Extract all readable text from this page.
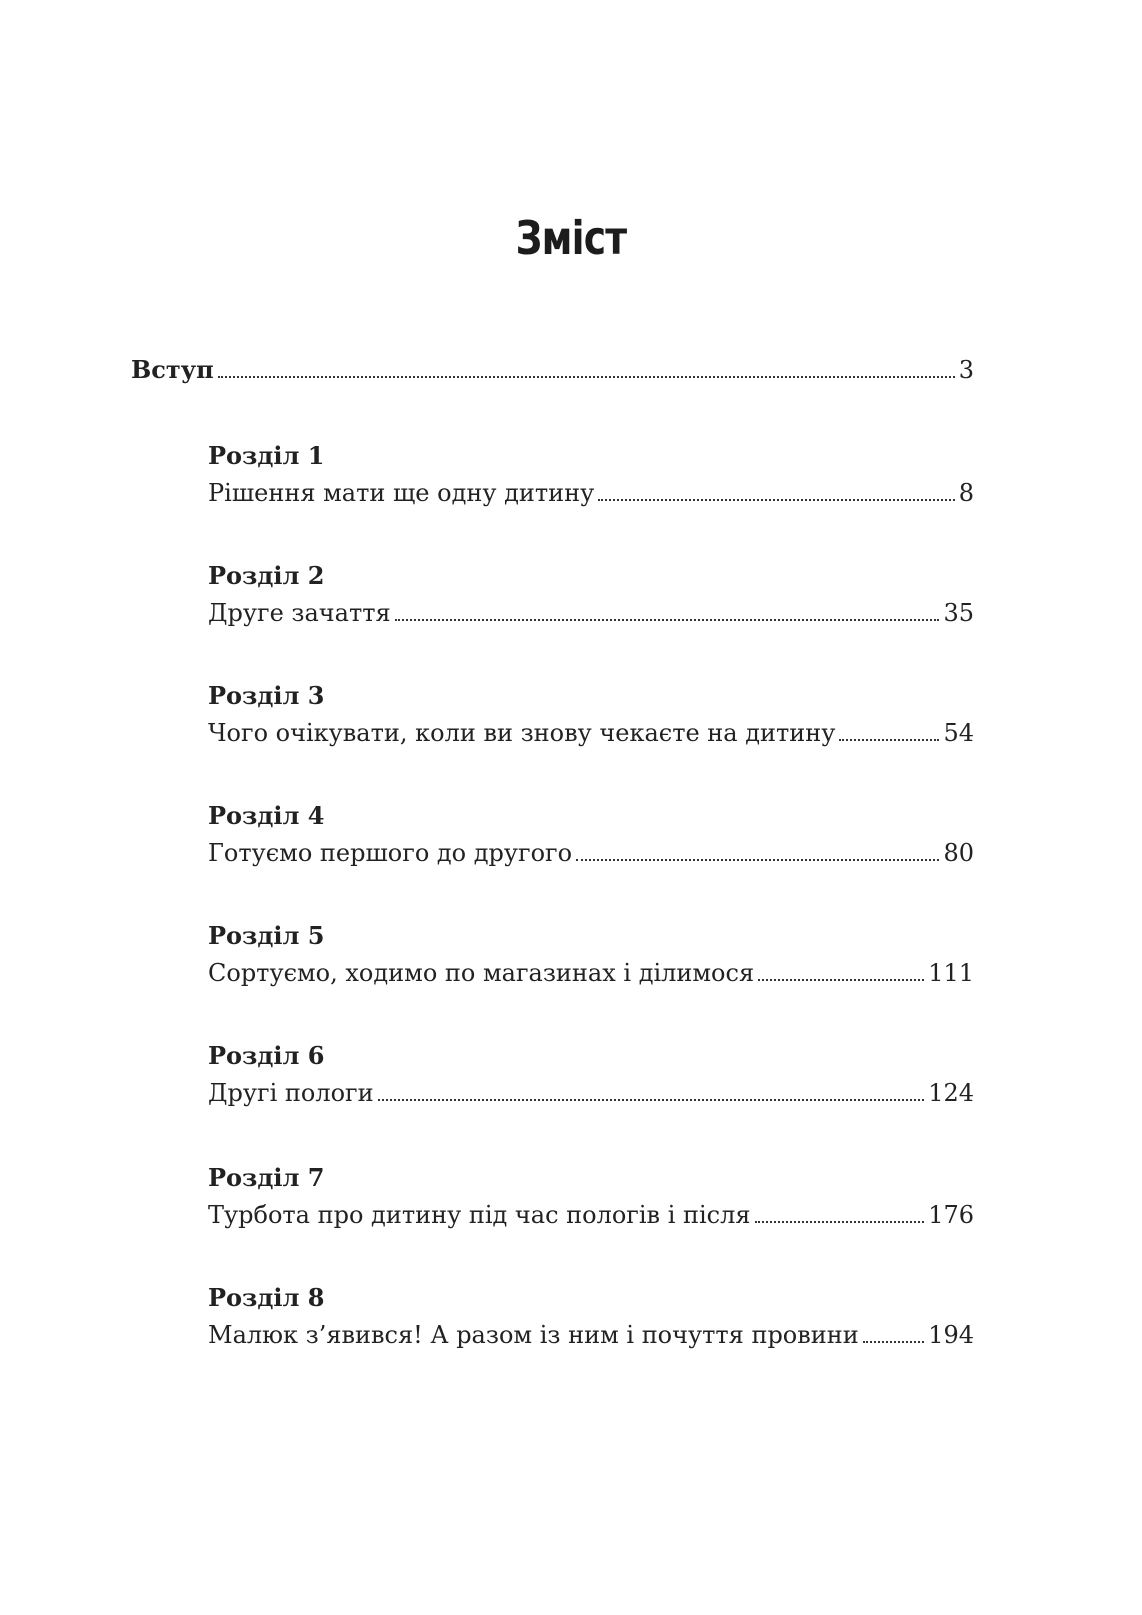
Зміст
Вступ	3
Розділ 1
Рішення мати ще одну дитину	8
Розділ 2
Друге зачаття	35
Розділ 3
Чого очікувати, коли ви знову чекаєте на дитину	54
Розділ 4
Готуємо першого до другого	80
Розділ 5
Сортуємо, ходимо по магазинах і ділимося	111
Розділ 6
Другі пологи	124
Розділ 7
Турбота про дитину під час пологів і після	176
Розділ 8
Малюк з’явився! А разом із ним і почуття провини	194
